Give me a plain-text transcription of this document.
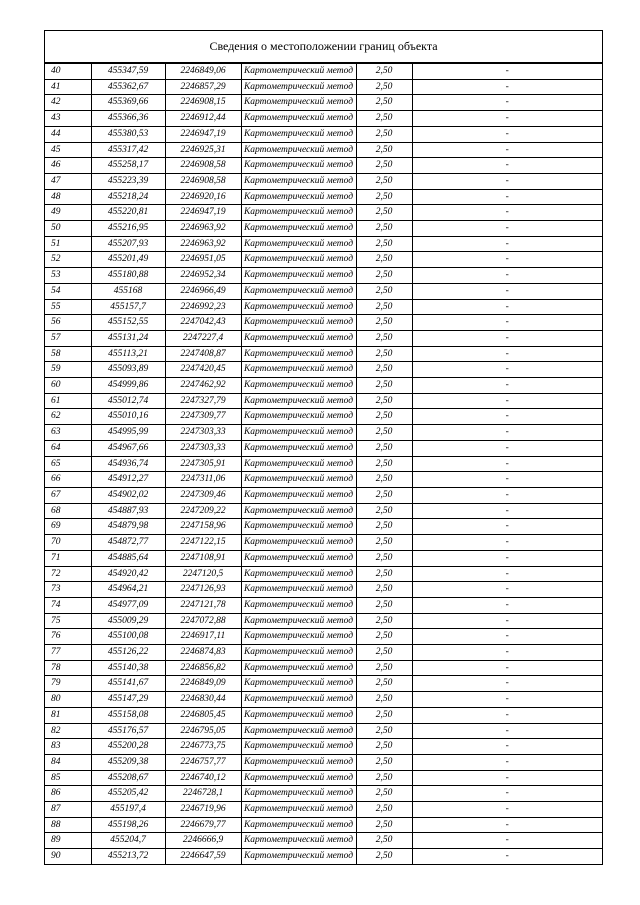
Сведения о местоположении границ объекта
40	455347,59	2246849,06	Картометрический метод	2,50	-
41	455362,67	2246857,29	Картометрический метод	2,50	-
42	455369,66	2246908,15	Картометрический метод	2,50	-
43	455366,36	2246912,44	Картометрический метод	2,50	-
44	455380,53	2246947,19	Картометрический метод	2,50	-
45	455317,42	2246925,31	Картометрический метод	2,50	-
46	455258,17	2246908,58	Картометрический метод	2,50	-
47	455223,39	2246908,58	Картометрический метод	2,50	-
48	455218,24	2246920,16	Картометрический метод	2,50	-
49	455220,81	2246947,19	Картометрический метод	2,50	-
50	455216,95	2246963,92	Картометрический метод	2,50	-
51	455207,93	2246963,92	Картометрический метод	2,50	-
52	455201,49	2246951,05	Картометрический метод	2,50	-
53	455180,88	2246952,34	Картометрический метод	2,50	-
54	455168	2246966,49	Картометрический метод	2,50	-
55	455157,7	2246992,23	Картометрический метод	2,50	-
56	455152,55	2247042,43	Картометрический метод	2,50	-
57	455131,24	2247227,4	Картометрический метод	2,50	-
58	455113,21	2247408,87	Картометрический метод	2,50	-
59	455093,89	2247420,45	Картометрический метод	2,50	-
60	454999,86	2247462,92	Картометрический метод	2,50	-
61	455012,74	2247327,79	Картометрический метод	2,50	-
62	455010,16	2247309,77	Картометрический метод	2,50	-
63	454995,99	2247303,33	Картометрический метод	2,50	-
64	454967,66	2247303,33	Картометрический метод	2,50	-
65	454936,74	2247305,91	Картометрический метод	2,50	-
66	454912,27	2247311,06	Картометрический метод	2,50	-
67	454902,02	2247309,46	Картометрический метод	2,50	-
68	454887,93	2247209,22	Картометрический метод	2,50	-
69	454879,98	2247158,96	Картометрический метод	2,50	-
70	454872,77	2247122,15	Картометрический метод	2,50	-
71	454885,64	2247108,91	Картометрический метод	2,50	-
72	454920,42	2247120,5	Картометрический метод	2,50	-
73	454964,21	2247126,93	Картометрический метод	2,50	-
74	454977,09	2247121,78	Картометрический метод	2,50	-
75	455009,29	2247072,88	Картометрический метод	2,50	-
76	455100,08	2246917,11	Картометрический метод	2,50	-
77	455126,22	2246874,83	Картометрический метод	2,50	-
78	455140,38	2246856,82	Картометрический метод	2,50	-
79	455141,67	2246849,09	Картометрический метод	2,50	-
80	455147,29	2246830,44	Картометрический метод	2,50	-
81	455158,08	2246805,45	Картометрический метод	2,50	-
82	455176,57	2246795,05	Картометрический метод	2,50	-
83	455200,28	2246773,75	Картометрический метод	2,50	-
84	455209,38	2246757,77	Картометрический метод	2,50	-
85	455208,67	2246740,12	Картометрический метод	2,50	-
86	455205,42	2246728,1	Картометрический метод	2,50	-
87	455197,4	2246719,96	Картометрический метод	2,50	-
88	455198,26	2246679,77	Картометрический метод	2,50	-
89	455204,7	2246666,9	Картометрический метод	2,50	-
90	455213,72	2246647,59	Картометрический метод	2,50	-
